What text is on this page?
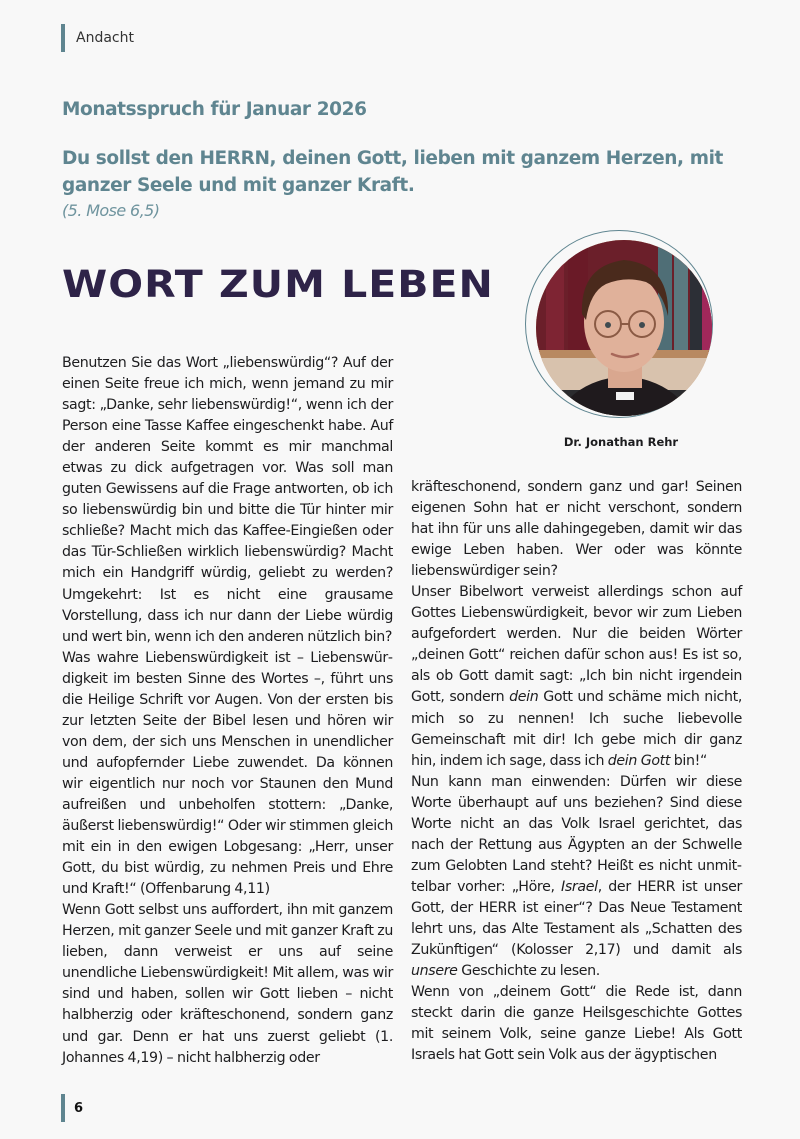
Andacht
Monatsspruch für Januar 2026
Du sollst den HERRN, deinen Gott, lieben mit ganzem Herzen, mit ganzer Seele und mit ganzer Kraft.
(5. Mose 6,5)
WORT ZUM LEBEN
Dr. Jonathan Rehr

Benutzen Sie das Wort „liebenswürdig“? Auf der einen Seite freue ich mich, wenn jemand zu mir sagt: „Danke, sehr liebenswürdig!“, wenn ich der Person eine Tasse Kaffee eingeschenkt habe. Auf der anderen Seite kommt es mir manchmal etwas zu dick aufgetragen vor. Was soll man guten Gewissens auf die Frage antworten, ob ich so liebenswürdig bin und bitte die Tür hinter mir schließe? Macht mich das Kaffee-Eingießen oder das Tür-Schließen wirklich liebenswürdig? Macht mich ein Handgriff würdig, geliebt zu werden? Umgekehrt: Ist es nicht eine grausame Vorstellung, dass ich nur dann der Liebe würdig und wert bin, wenn ich den anderen nützlich bin?

Was wahre Liebenswürdigkeit ist – Liebenswürdigkeit im besten Sinne des Wortes –, führt uns die Heilige Schrift vor Augen. Von der ersten bis zur letzten Seite der Bibel lesen und hören wir von dem, der sich uns Menschen in unendlicher und aufopfernder Liebe zuwendet. Da können wir eigentlich nur noch vor Staunen den Mund aufreißen und unbeholfen stottern: „Danke, äußerst liebenswürdig!“ Oder wir stimmen gleich mit ein in den ewigen Lobgesang: „Herr, unser Gott, du bist würdig, zu nehmen Preis und Ehre und Kraft!“ (Offenbarung 4,11)

Wenn Gott selbst uns auffordert, ihn mit ganzem Herzen, mit ganzer Seele und mit ganzer Kraft zu lieben, dann verweist er uns auf seine unendliche Liebenswürdigkeit! Mit allem, was wir sind und haben, sollen wir Gott lieben – nicht halbherzig oder kräfteschonend, sondern ganz und gar. Denn er hat uns zuerst geliebt (1. Johannes 4,19) – nicht halbherzig oder

kräfteschonend, sondern ganz und gar! Seinen eigenen Sohn hat er nicht verschont, sondern hat ihn für uns alle dahingegeben, damit wir das ewige Leben haben. Wer oder was könnte liebenswürdiger sein?

Unser Bibelwort verweist allerdings schon auf Gottes Liebenswürdigkeit, bevor wir zum Lieben aufgefordert werden. Nur die beiden Wörter „deinen Gott“ reichen dafür schon aus! Es ist so, als ob Gott damit sagt: „Ich bin nicht irgendein Gott, sondern dein Gott und schäme mich nicht, mich so zu nennen! Ich suche liebevolle Gemeinschaft mit dir! Ich gebe mich dir ganz hin, indem ich sage, dass ich dein Gott bin!“

Nun kann man einwenden: Dürfen wir diese Worte überhaupt auf uns beziehen? Sind diese Worte nicht an das Volk Israel gerichtet, das nach der Rettung aus Ägypten an der Schwelle zum Gelobten Land steht? Heißt es nicht unmittelbar vorher: „Höre, Israel, der HERR ist unser Gott, der HERR ist einer“? Das Neue Testament lehrt uns, das Alte Testament als „Schatten des Zukünftigen“ (Kolosser 2,17) und damit als unsere Geschichte zu lesen.

Wenn von „deinem Gott“ die Rede ist, dann steckt darin die ganze Heilsgeschichte Gottes mit seinem Volk, seine ganze Liebe! Als Gott Israels hat Gott sein Volk aus der ägyptischen

6
